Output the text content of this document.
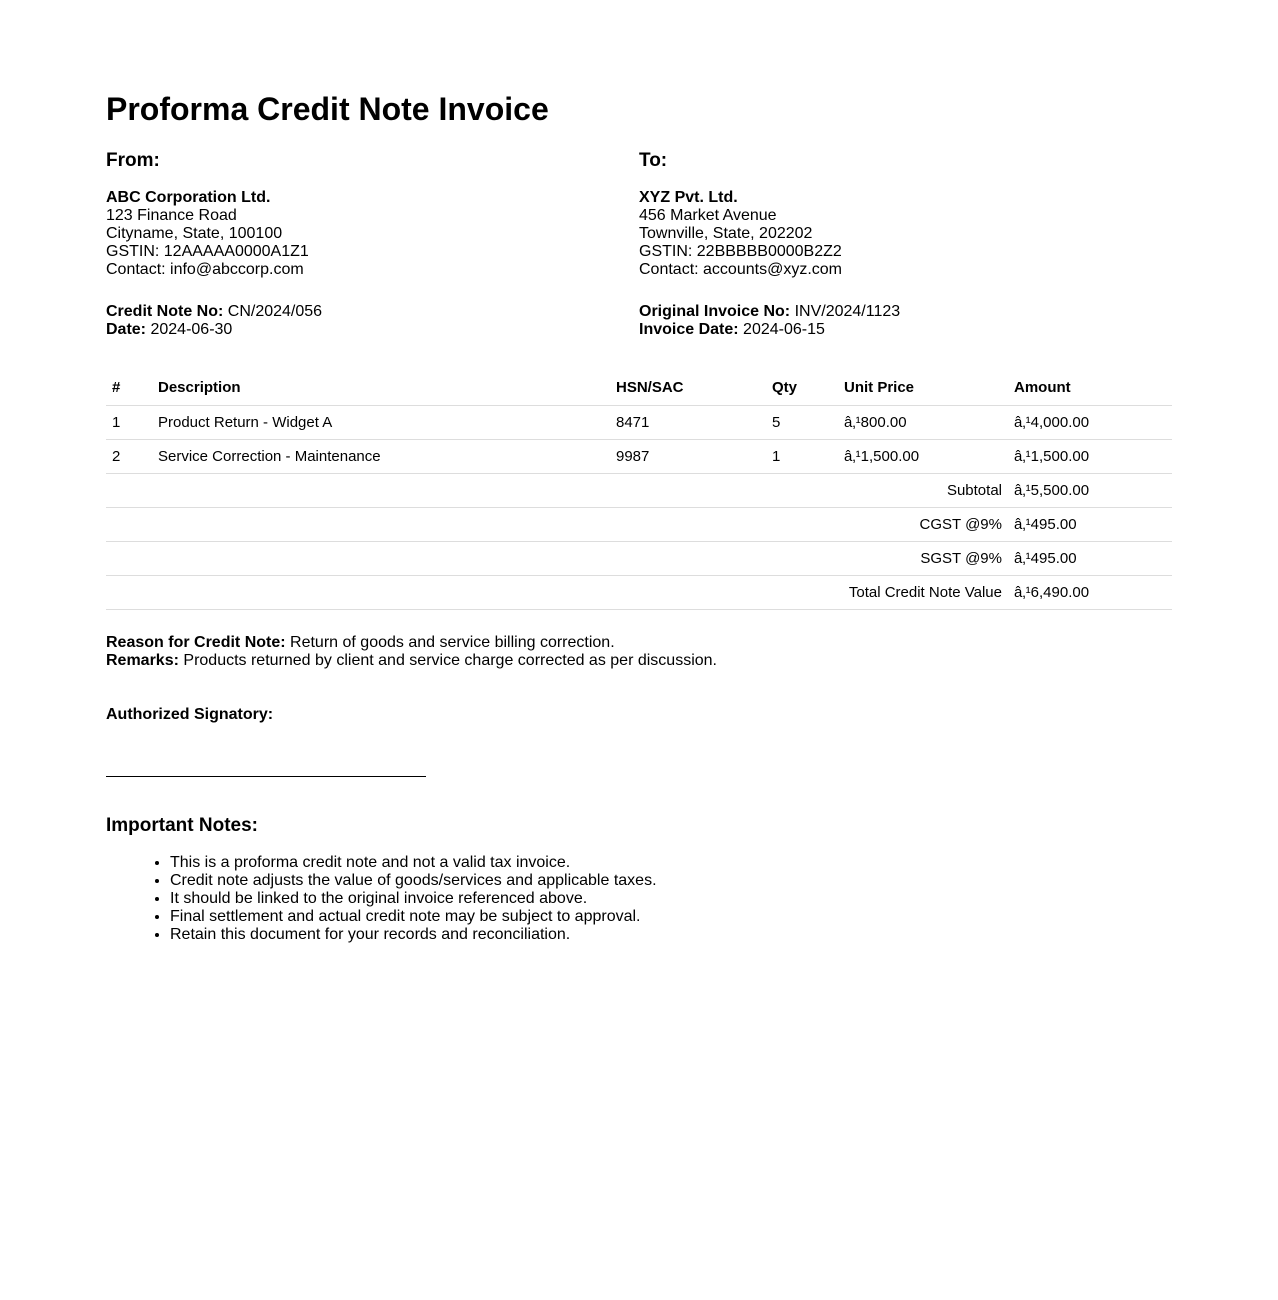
Proforma Credit Note Invoice
From:
ABC Corporation Ltd.
123 Finance Road
Cityname, State, 100100
GSTIN: 12AAAAA0000A1Z1
Contact: info@abccorp.com
Credit Note No: CN/2024/056
Date: 2024-06-30
To:
XYZ Pvt. Ltd.
456 Market Avenue
Townville, State, 202202
GSTIN: 22BBBBB0000B2Z2
Contact: accounts@xyz.com
Original Invoice No: INV/2024/1123
Invoice Date: 2024-06-15
#	Description	HSN/SAC	Qty	Unit Price	Amount
1	Product Return - Widget A	8471	5	â‚¹800.00	â‚¹4,000.00
2	Service Correction - Maintenance	9987	1	â‚¹1,500.00	â‚¹1,500.00
Subtotal					â‚¹5,500.00
CGST @9%					â‚¹495.00
SGST @9%					â‚¹495.00
Total Credit Note Value					â‚¹6,490.00
Reason for Credit Note: Return of goods and service billing correction.
Remarks: Products returned by client and service charge corrected as per discussion.
Authorized Signatory:
Important Notes:
• This is a proforma credit note and not a valid tax invoice.
• Credit note adjusts the value of goods/services and applicable taxes.
• It should be linked to the original invoice referenced above.
• Final settlement and actual credit note may be subject to approval.
• Retain this document for your records and reconciliation.
